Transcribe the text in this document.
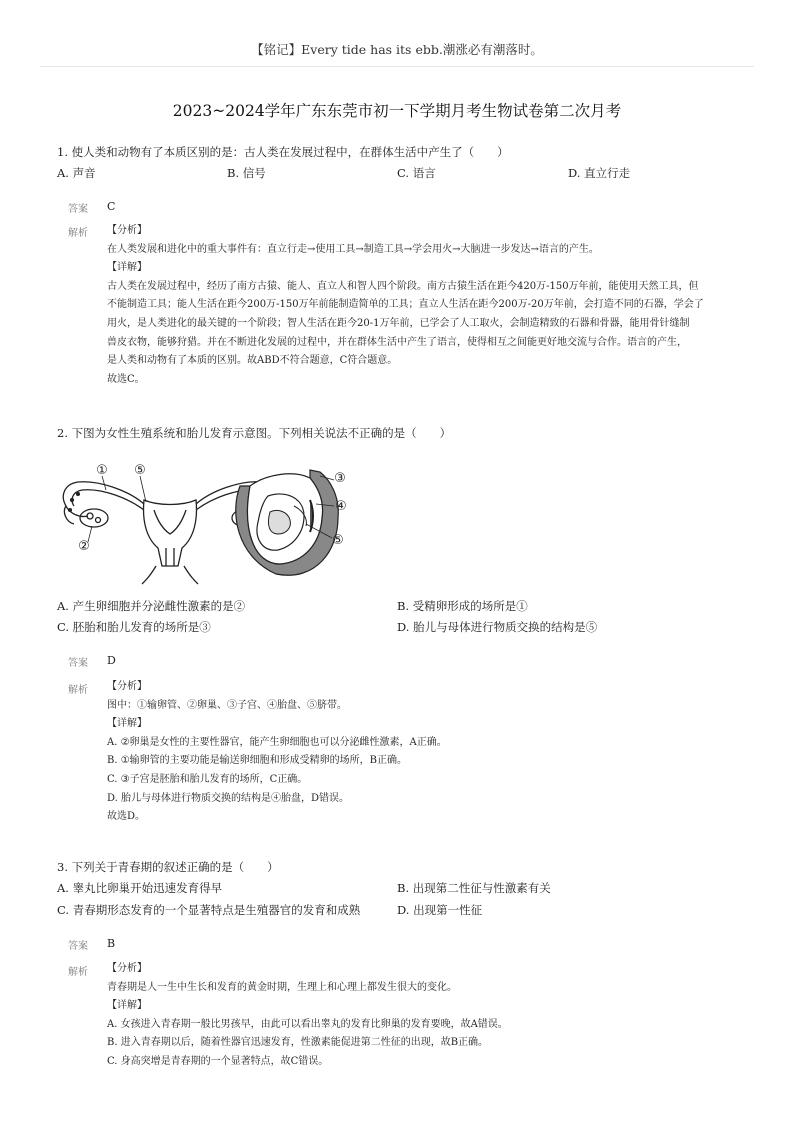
【铭记】Every tide has its ebb.潮涨必有潮落时。
2023~2024学年广东东莞市初一下学期月考生物试卷第二次月考
1. 使人类和动物有了本质区别的是：古人类在发展过程中，在群体生活中产生了（　　）
A. 声音	B. 信号	C. 语言	D. 直立行走
答案 C
解析 【分析】
在人类发展和进化中的重大事件有：直立行走→使用工具→制造工具→学会用火→大脑进一步发达→语言的产生。
【详解】
古人类在发展过程中，经历了南方古猿、能人、直立人和智人四个阶段。南方古猿生活在距今420万-150万年前，能使用天然工具，但
不能制造工具；能人生活在距今200万-150万年前能制造简单的工具；直立人生活在距今200万-20万年前，会打造不同的石器，学会了
用火，是人类进化的最关键的一个阶段；智人生活在距今20-1万年前，已学会了人工取火，会制造精致的石器和骨器，能用骨针缝制
兽皮衣物，能够狩猎。并在不断进化发展的过程中，并在群体生活中产生了语言，使得相互之间能更好地交流与合作。语言的产生，
是人类和动物有了本质的区别。故ABD不符合题意，C符合题意。
故选C。
2. 下图为女性生殖系统和胎儿发育示意图。下列相关说法不正确的是（　　）
① ⑤
②
③
④
⑤
A. 产生卵细胞并分泌雌性激素的是②	B. 受精卵形成的场所是①
C. 胚胎和胎儿发育的场所是③	D. 胎儿与母体进行物质交换的结构是⑤
答案 D
解析 【分析】
图中：①输卵管、②卵巢、③子宫、④胎盘、⑤脐带。
【详解】
A. ②卵巢是女性的主要性器官，能产生卵细胞也可以分泌雌性激素，A正确。
B. ①输卵管的主要功能是输送卵细胞和形成受精卵的场所，B正确。
C. ③子宫是胚胎和胎儿发育的场所，C正确。
D. 胎儿与母体进行物质交换的结构是④胎盘，D错误。
故选D。
3. 下列关于青春期的叙述正确的是（　　）
A. 睾丸比卵巢开始迅速发育得早	B. 出现第二性征与性激素有关
C. 青春期形态发育的一个显著特点是生殖器官的发育和成熟	D. 出现第一性征
答案 B
解析 【分析】
青春期是人一生中生长和发育的黄金时期，生理上和心理上都发生很大的变化。
【详解】
A. 女孩进入青春期一般比男孩早，由此可以看出睾丸的发育比卵巢的发育要晚，故A错误。
B. 进入青春期以后，随着性器官迅速发育，性激素能促进第二性征的出现，故B正确。
C. 身高突增是青春期的一个显著特点，故C错误。
